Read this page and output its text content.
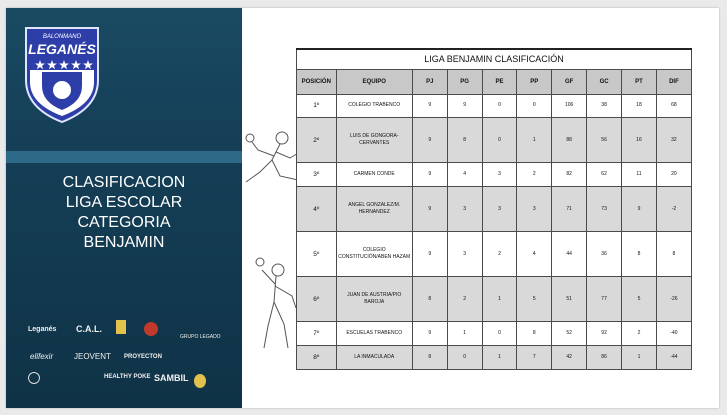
BALONMANO
LEGANÉS
CLASIFICACION
LIGA ESCOLAR
CATEGORIA
BENJAMIN
Leganés C.A.L.
GRUPO LEGADO
elifexir	JEOVENT PROYECTON
HEALTHY POKE SAMBIL
LIGA BENJAMIN CLASIFICACIÓN									
POSICIÓN	EQUIPO	PJ	PG	PE	PP	GF	GC	PT	DIF
1º	COLEGIO TRABENCO	9	9	0	0	106	38	18	68
2º	LUIS DE GONGORA-CERVANTES	9	8	0	1	88	56	16	32
3º	CARMEN CONDE	9	4	3	2	82	62	11	20
4º	ANGEL GONZALEZ/M. HERNANDEZ	9	3	3	3	71	73	9	-2
5º	COLEGIO CONSTITUCIÓN/ABEN HAZAM	9	3	2	4	44	36	8	8
6º	JUAN DE AUSTRIA/PIO BAROJA	8	2	1	5	51	77	5	-26
7º	ESCUELAS TRABENCO	9	1	0	8	52	92	2	-40
8º	LA INMACULADA	8	0	1	7	42	86	1	-44
